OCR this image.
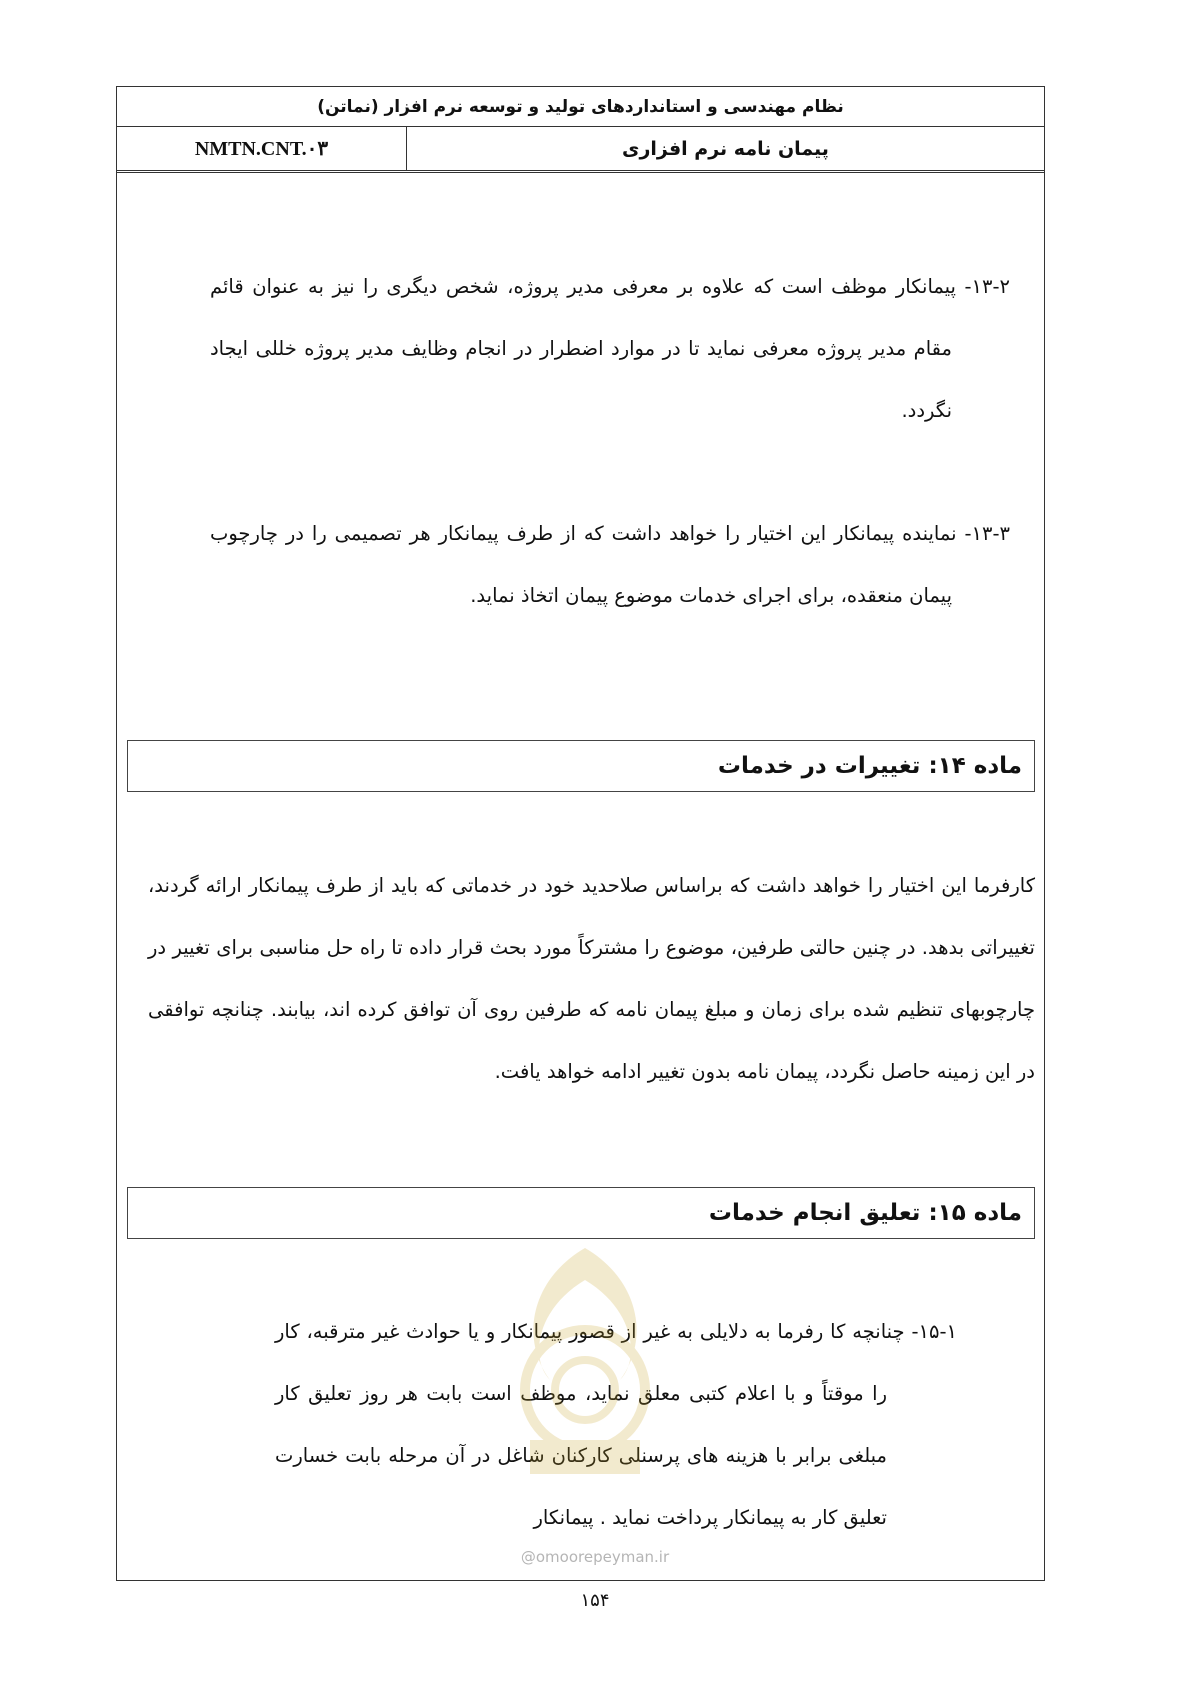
نظام مهندسی و استانداردهای تولید و توسعه نرم افزار (نماتن)
NMTN.CNT.۰۳	پیمان نامه نرم افزاری

۱۳-۲- پیمانکار موظف است که علاوه بر معرفی مدیر پروژه، شخص دیگری را نیز به عنوان قائم مقام مدیر پروژه معرفی نماید تا در موارد اضطرار در انجام وظایف مدیر پروژه خللی ایجاد نگردد.

۱۳-۳- نماینده پیمانکار این اختیار را خواهد داشت که از طرف پیمانکار هر تصمیمی را در چارچوب پیمان منعقده، برای اجرای خدمات موضوع پیمان اتخاذ نماید.

ماده ۱۴: تغییرات در خدمات

کارفرما این اختیار را خواهد داشت که براساس صلاحدید خود در خدماتی که باید از طرف پیمانکار ارائه گردند، تغییراتی بدهد. در چنین حالتی طرفین، موضوع را مشترکاً مورد بحث قرار داده تا راه حل مناسبی برای تغییر در چارچوبهای تنظیم شده برای زمان و مبلغ پیمان نامه که طرفین روی آن توافق کرده اند، بیابند. چنانچه توافقی در این زمینه حاصل نگردد، پیمان نامه بدون تغییر ادامه خواهد یافت.

ماده ۱۵: تعلیق انجام خدمات

۱۵-۱- چنانچه کا رفرما به دلایلی به غیر از قصور پیمانکار و یا حوادث غیر مترقبه، کار را موقتاً و با اعلام کتبی معلق نماید، موظف است بابت هر روز تعلیق کار مبلغی برابر با هزینه های پرسنلی کارکنان شاغل در آن مرحله بابت خسارت تعلیق کار به پیمانکار پرداخت نماید . پیمانکار

@omoorepeyman.ir
۱۵۴
